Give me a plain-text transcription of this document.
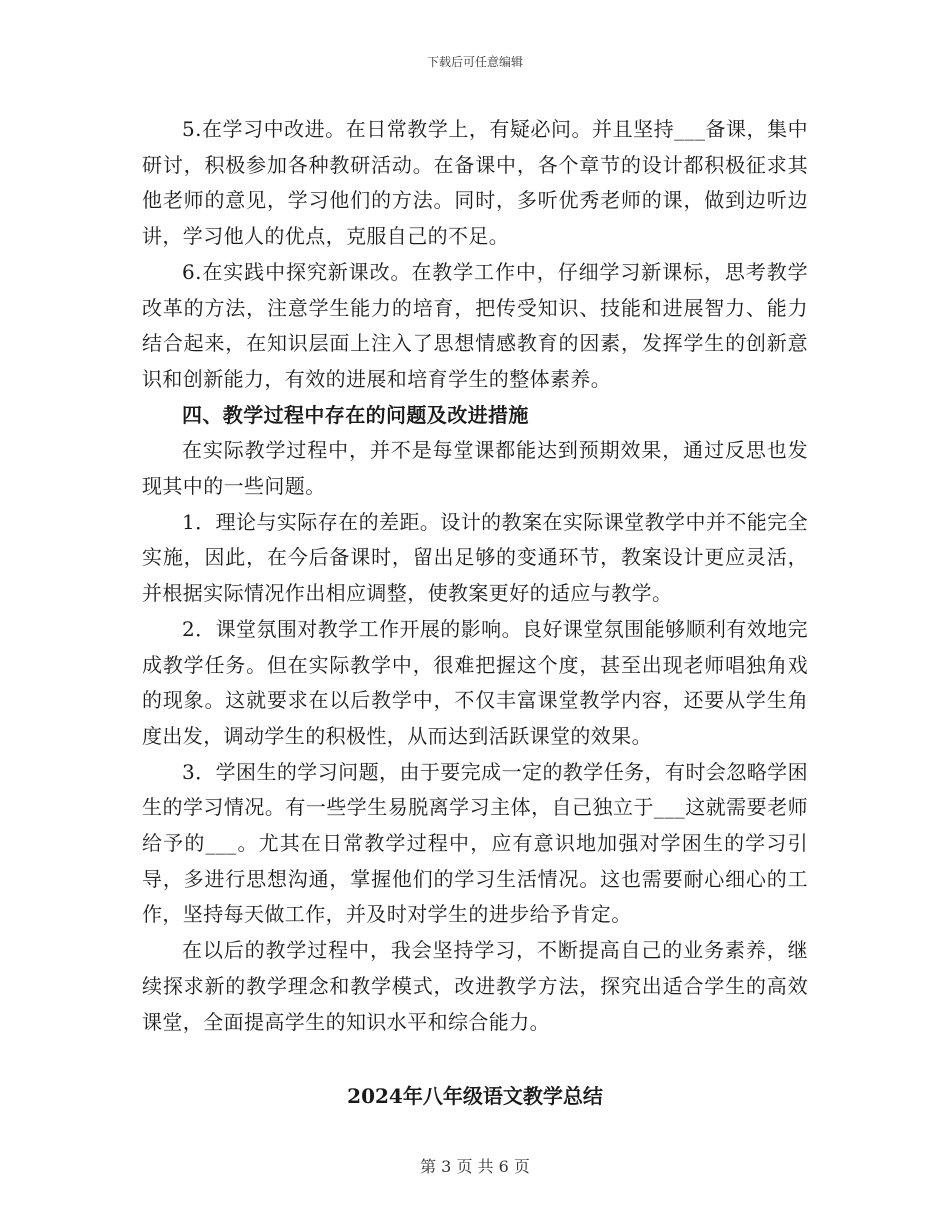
下载后可任意编辑

5.在学习中改进。在日常教学上，有疑必问。并且坚持___备课，集中研讨，积极参加各种教研活动。在备课中，各个章节的设计都积极征求其他老师的意见，学习他们的方法。同时，多听优秀老师的课，做到边听边讲，学习他人的优点，克服自己的不足。

6.在实践中探究新课改。在教学工作中，仔细学习新课标，思考教学改革的方法，注意学生能力的培育，把传受知识、技能和进展智力、能力结合起来，在知识层面上注入了思想情感教育的因素，发挥学生的创新意识和创新能力，有效的进展和培育学生的整体素养。

四、教学过程中存在的问题及改进措施

在实际教学过程中，并不是每堂课都能达到预期效果，通过反思也发现其中的一些问题。

1．理论与实际存在的差距。设计的教案在实际课堂教学中并不能完全实施，因此，在今后备课时，留出足够的变通环节，教案设计更应灵活，并根据实际情况作出相应调整，使教案更好的适应与教学。

2．课堂氛围对教学工作开展的影响。良好课堂氛围能够顺利有效地完成教学任务。但在实际教学中，很难把握这个度，甚至出现老师唱独角戏的现象。这就要求在以后教学中，不仅丰富课堂教学内容，还要从学生角度出发，调动学生的积极性，从而达到活跃课堂的效果。

3．学困生的学习问题，由于要完成一定的教学任务，有时会忽略学困生的学习情况。有一些学生易脱离学习主体，自己独立于___这就需要老师给予的___。尤其在日常教学过程中，应有意识地加强对学困生的学习引导，多进行思想沟通，掌握他们的学习生活情况。这也需要耐心细心的工作，坚持每天做工作，并及时对学生的进步给予肯定。

在以后的教学过程中，我会坚持学习，不断提高自己的业务素养，继续探求新的教学理念和教学模式，改进教学方法，探究出适合学生的高效课堂，全面提高学生的知识水平和综合能力。

2024年八年级语文教学总结
第 3 页 共 6 页
